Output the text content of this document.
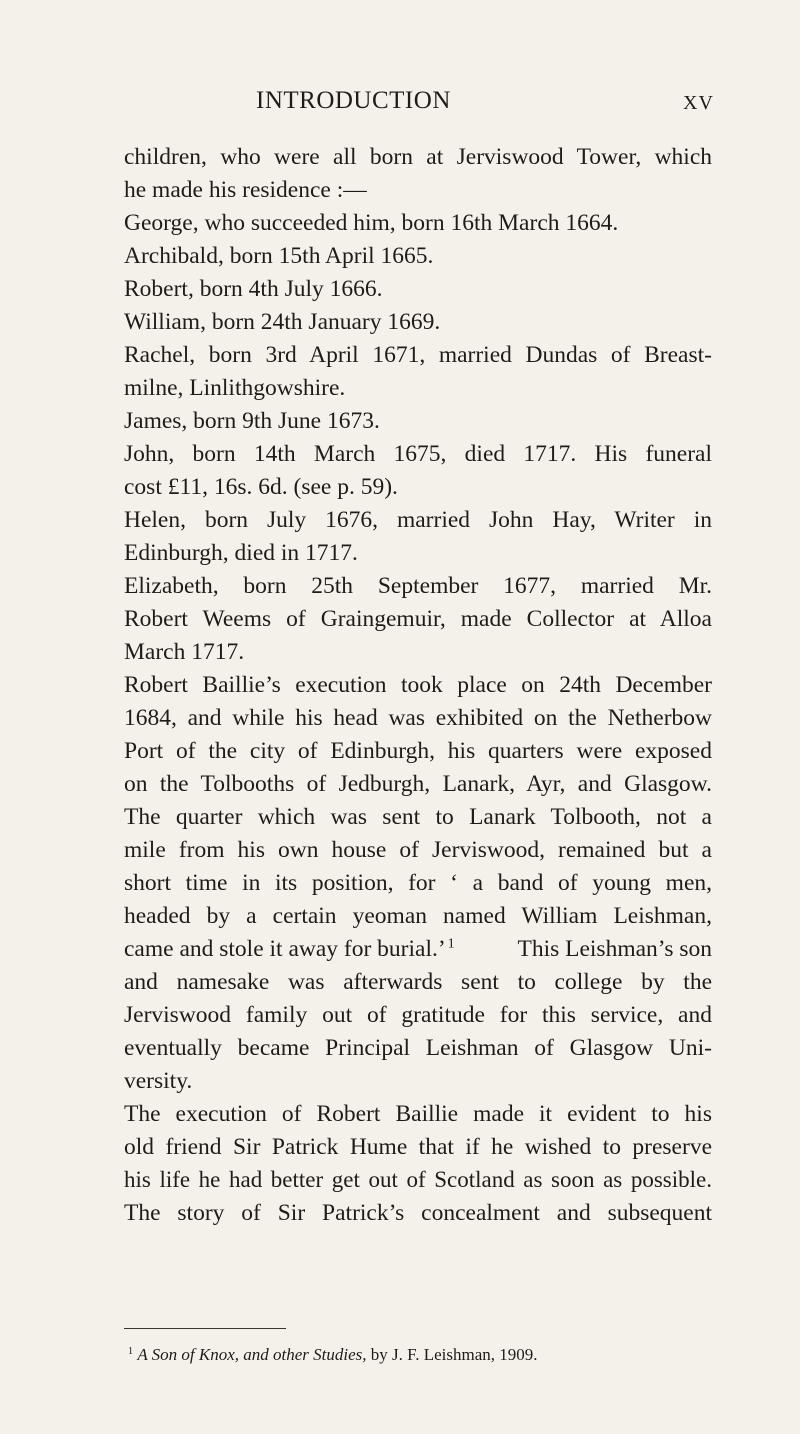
INTRODUCTION	XV
children, who were all born at Jerviswood Tower, which
he made his residence :—
George, who succeeded him, born 16th March 1664.
Archibald, born 15th April 1665.
Robert, born 4th July 1666.
William, born 24th January 1669.
Rachel, born 3rd April 1671, married Dundas of Breast-
milne, Linlithgowshire.
James, born 9th June 1673.
John, born 14th March 1675, died 1717. His funeral
cost £11, 16s. 6d. (see p. 59).
Helen, born July 1676, married John Hay, Writer in
Edinburgh, died in 1717.
Elizabeth, born 25th September 1677, married Mr.
Robert Weems of Graingemuir, made Collector at Alloa
March 1717.
Robert Baillie’s execution took place on 24th December
1684, and while his head was exhibited on the Netherbow
Port of the city of Edinburgh, his quarters were exposed
on the Tolbooths of Jedburgh, Lanark, Ayr, and Glasgow.
The quarter which was sent to Lanark Tolbooth, not a
mile from his own house of Jerviswood, remained but a
short time in its position, for ‘ a band of young men,
headed by a certain yeoman named William Leishman,
came and stole it away for burial.’  $^1$	This Leishman’s son
and namesake was afterwards sent to college by the
Jerviswood family out of gratitude for this service, and
eventually became Principal Leishman of Glasgow Uni-
versity.
The execution of Robert Baillie made it evident to his
old friend Sir Patrick Hume that if he wished to preserve
his life he had better get out of Scotland as soon as possible.
The story of Sir Patrick’s concealment and subsequent
$^1$ A Son of Knox, and other Studies, by J. F. Leishman, 1909.
